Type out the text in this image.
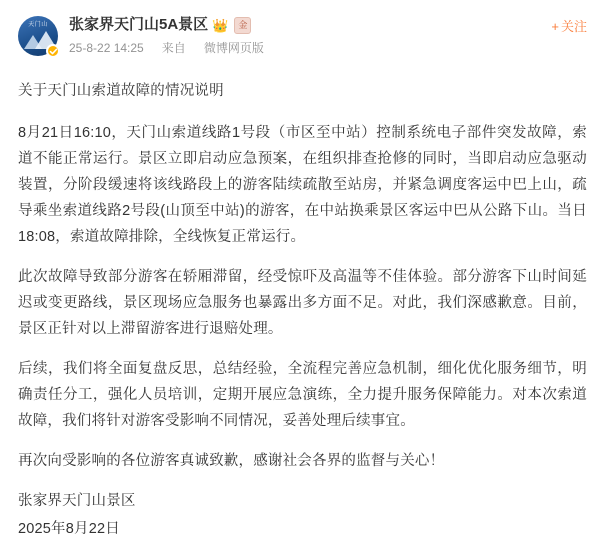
天门山	张家界天门山5A景区 👑 金
25-8-22 14:25 来自 微博网页版
+ 关注

关于天门山索道故障的情况说明

8月21日16:10，天门山索道线路1号段（市区至中站）控制系统电子部件突发故障，索道不能正常运行。景区立即启动应急预案，在组织排查抢修的同时，当即启动应急驱动装置，分阶段缓速将该线路段上的游客陆续疏散至站房，并紧急调度客运中巴上山，疏导乘坐索道线路2号段(山顶至中站)的游客，在中站换乘景区客运中巴从公路下山。当日18:08，索道故障排除，全线恢复正常运行。

此次故障导致部分游客在轿厢滞留，经受惊吓及高温等不佳体验。部分游客下山时间延迟或变更路线，景区现场应急服务也暴露出多方面不足。对此，我们深感歉意。目前，景区正针对以上滞留游客进行退赔处理。

后续，我们将全面复盘反思，总结经验，全流程完善应急机制，细化优化服务细节，明确责任分工，强化人员培训，定期开展应急演练，全力提升服务保障能力。对本次索道故障，我们将针对游客受影响不同情况，妥善处理后续事宜。

再次向受影响的各位游客真诚致歉，感谢社会各界的监督与关心！

张家界天门山景区

2025年8月22日
